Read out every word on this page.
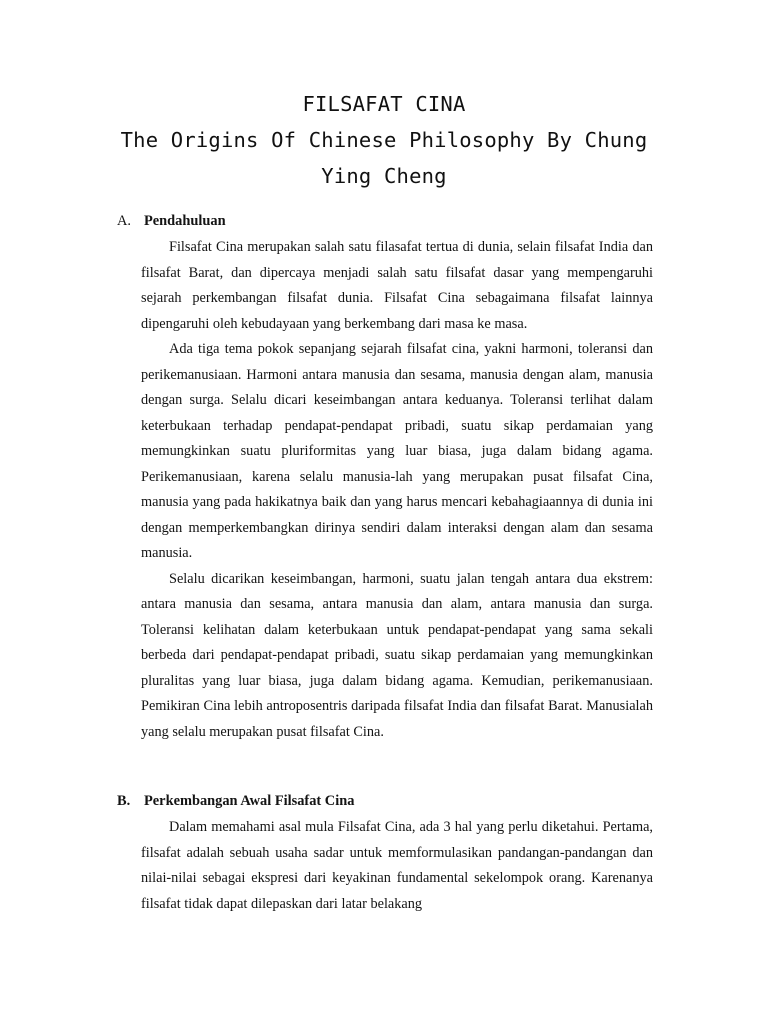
FILSAFAT CINA
The Origins Of Chinese Philosophy By Chung
Ying Cheng
A. Pendahuluan

Filsafat Cina merupakan salah satu filasafat tertua di dunia, selain filsafat India dan filsafat Barat, dan dipercaya menjadi salah satu filsafat dasar yang mempengaruhi sejarah perkembangan filsafat dunia. Filsafat Cina sebagaimana filsafat lainnya dipengaruhi oleh kebudayaan yang berkembang dari masa ke masa.

Ada tiga tema pokok sepanjang sejarah filsafat cina, yakni harmoni, toleransi dan perikemanusiaan. Harmoni antara manusia dan sesama, manusia dengan alam, manusia dengan surga. Selalu dicari keseimbangan antara keduanya. Toleransi terlihat dalam keterbukaan terhadap pendapat-pendapat pribadi, suatu sikap perdamaian yang memungkinkan suatu pluriformitas yang luar biasa, juga dalam bidang agama. Perikemanusiaan, karena selalu manusia-lah yang merupakan pusat filsafat Cina, manusia yang pada hakikatnya baik dan yang harus mencari kebahagiaannya di dunia ini dengan memperkembangkan dirinya sendiri dalam interaksi dengan alam dan sesama manusia.

Selalu dicarikan keseimbangan, harmoni, suatu jalan tengah antara dua ekstrem: antara manusia dan sesama, antara manusia dan alam, antara manusia dan surga. Toleransi kelihatan dalam keterbukaan untuk pendapat-pendapat yang sama sekali berbeda dari pendapat-pendapat pribadi, suatu sikap perdamaian yang memungkinkan pluralitas yang luar biasa, juga dalam bidang agama. Kemudian, perikemanusiaan. Pemikiran Cina lebih antroposentris daripada filsafat India dan filsafat Barat. Manusialah yang selalu merupakan pusat filsafat Cina.

B. Perkembangan Awal Filsafat Cina

Dalam memahami asal mula Filsafat Cina, ada 3 hal yang perlu diketahui. Pertama, filsafat adalah sebuah usaha sadar untuk memformulasikan pandangan-pandangan dan nilai-nilai sebagai ekspresi dari keyakinan fundamental sekelompok orang. Karenanya filsafat tidak dapat dilepaskan dari latar belakang
